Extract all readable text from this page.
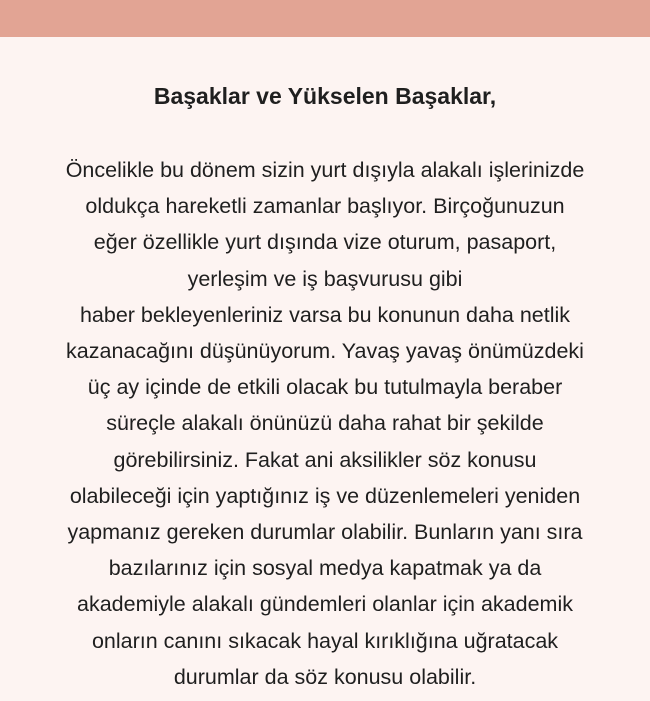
Başaklar ve Yükselen Başaklar,
Öncelikle bu dönem sizin yurt dışıyla alakalı işlerinizde
oldukça hareketli zamanlar başlıyor. Birçoğunuzun
eğer özellikle yurt dışında vize oturum, pasaport,
yerleşim ve iş başvurusu gibi
haber bekleyenleriniz varsa bu konunun daha netlik
kazanacağını düşünüyorum. Yavaş yavaş önümüzdeki
üç ay içinde de etkili olacak bu tutulmayla beraber
süreçle alakalı önünüzü daha rahat bir şekilde
görebilirsiniz. Fakat ani aksilikler söz konusu
olabileceği için yaptığınız iş ve düzenlemeleri yeniden
yapmanız gereken durumlar olabilir. Bunların yanı sıra
bazılarınız için sosyal medya kapatmak ya da
akademiyle alakalı gündemleri olanlar için akademik
onların canını sıkacak hayal kırıklığına uğratacak
durumlar da söz konusu olabilir.
